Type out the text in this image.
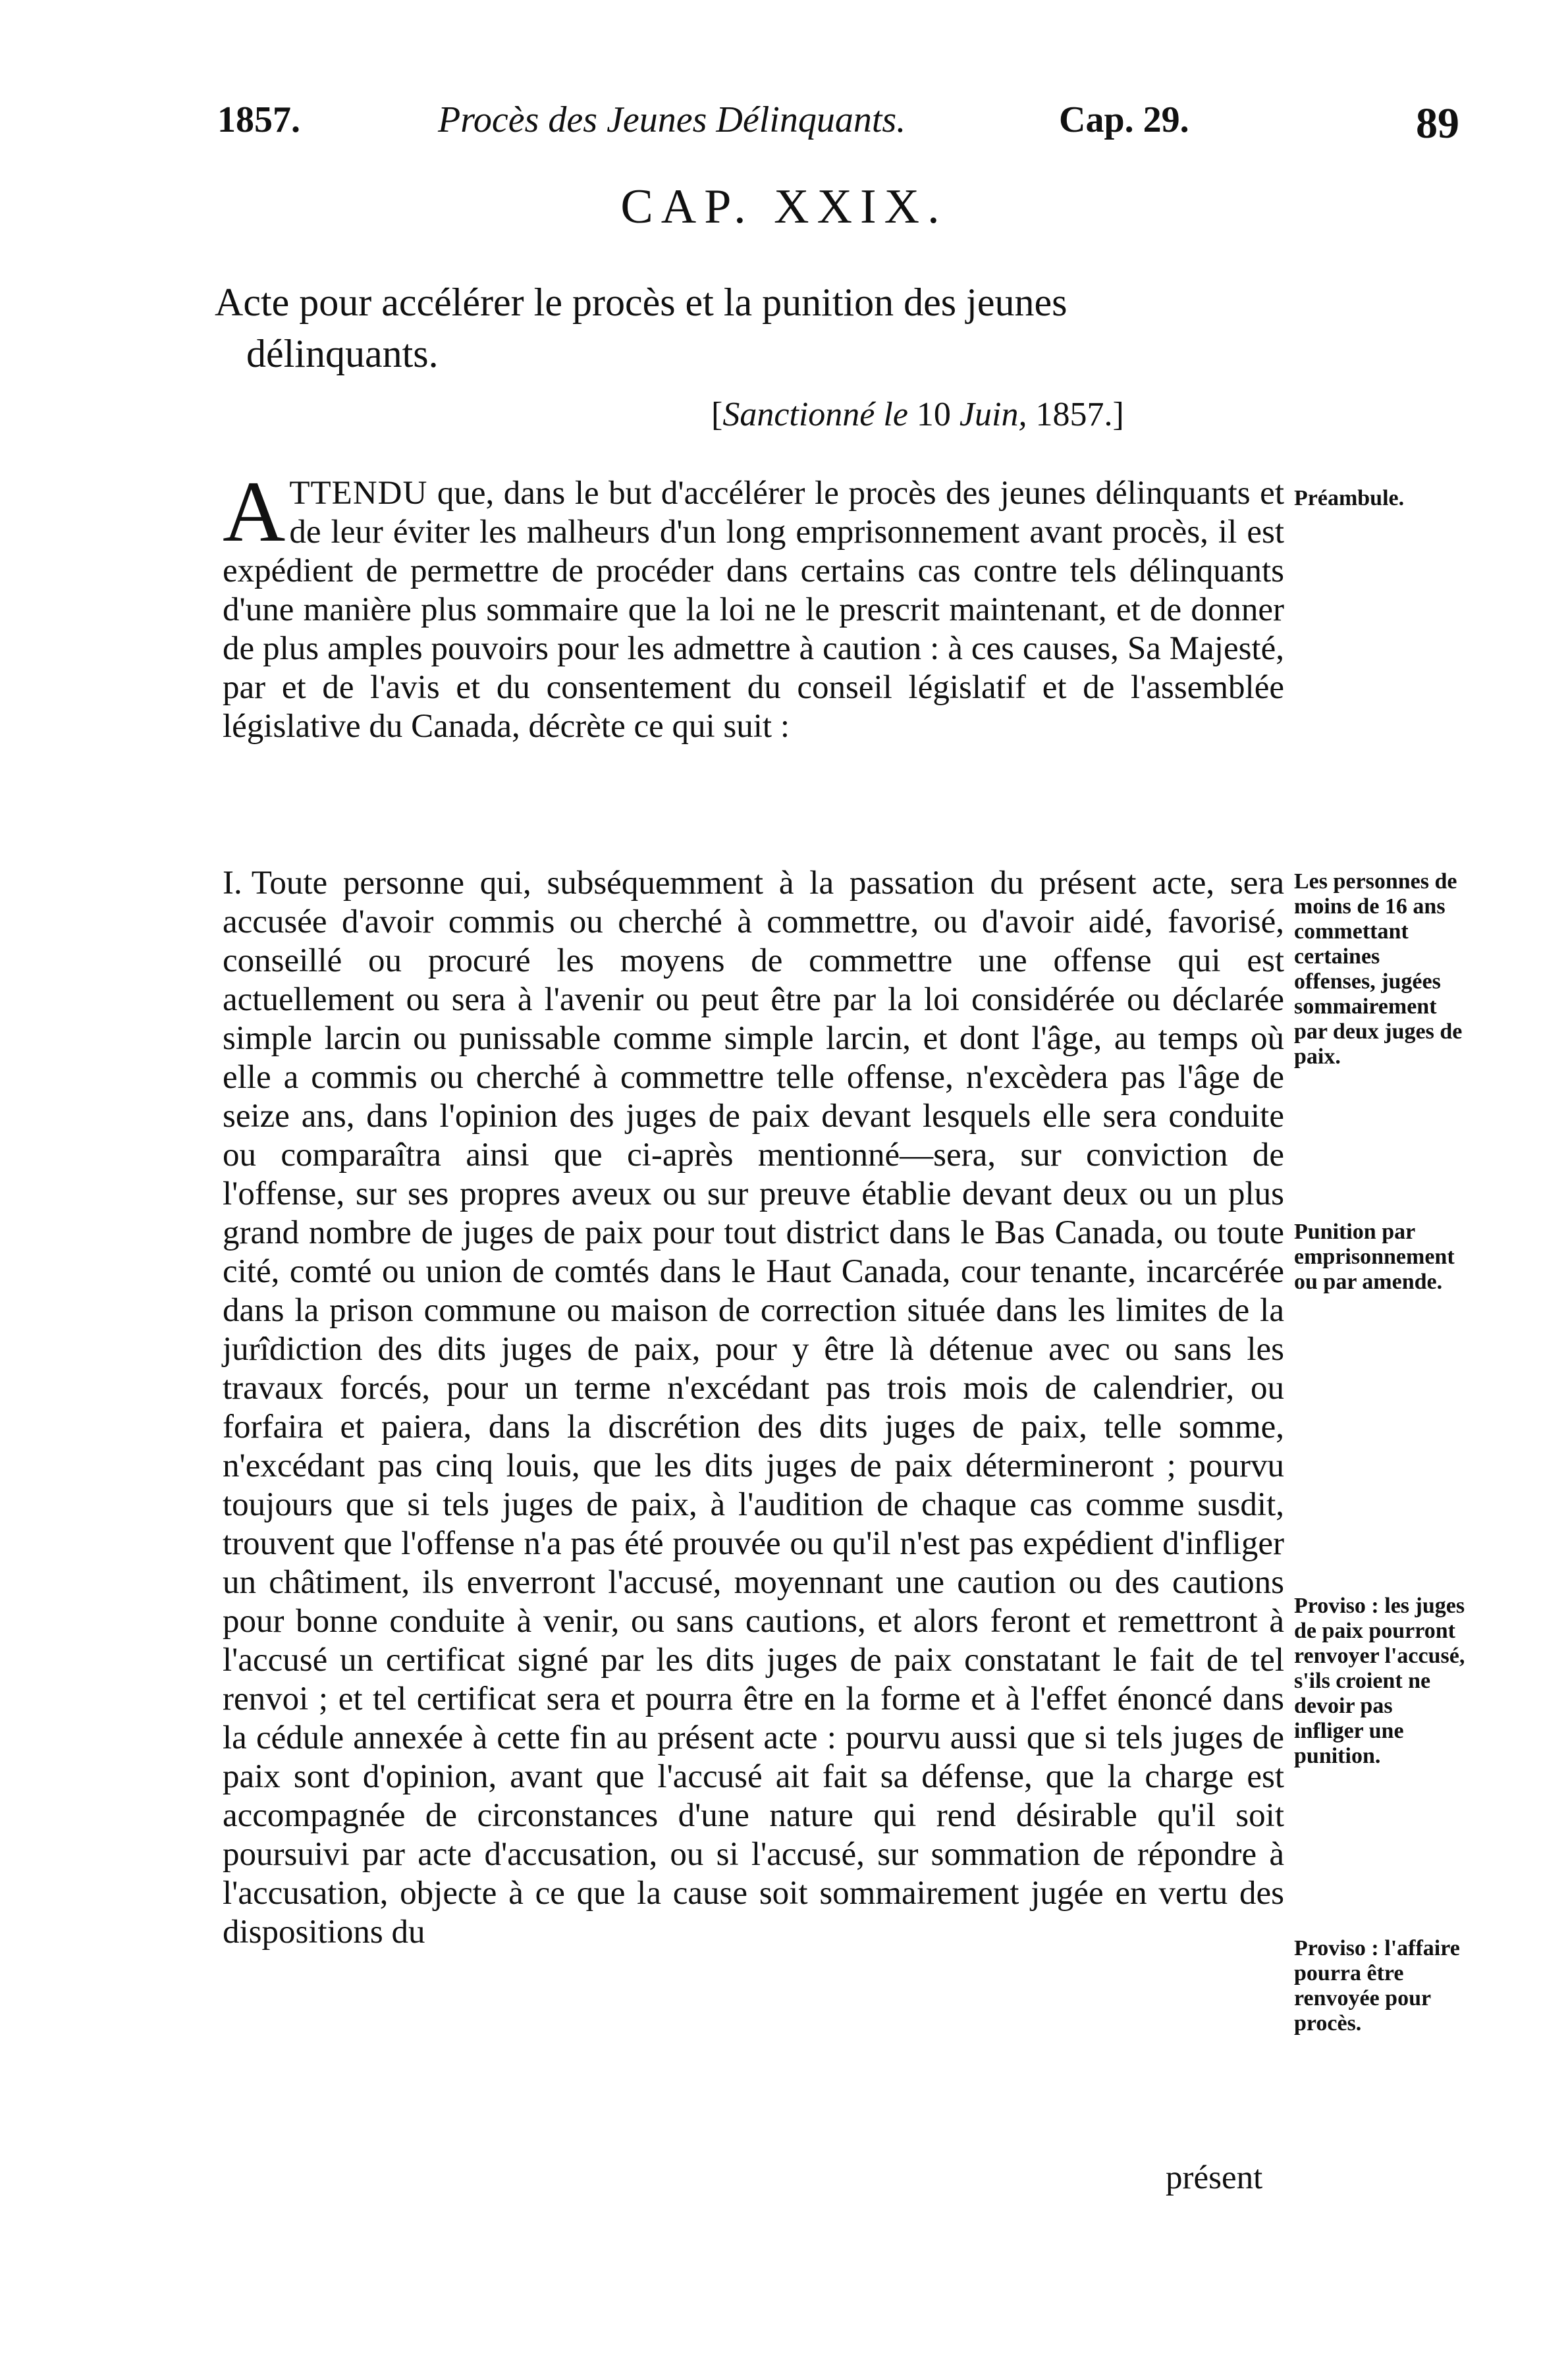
1857.	Procès des Jeunes Délinquants.	Cap. 29.	89
CAP. XXIX.
Acte pour accélérer le procès et la punition des jeunes
délinquants.
[Sanctionné le 10 Juin, 1857.]
ATTENDU que, dans le but d'accélérer le procès des jeunes délinquants et de leur éviter les malheurs d'un long emprisonnement avant procès, il est expédient de permettre de procéder dans certains cas contre tels délinquants d'une manière plus sommaire que la loi ne le prescrit maintenant, et de donner de plus amples pouvoirs pour les admettre à caution : à ces causes, Sa Majesté, par et de l'avis et du consentement du conseil législatif et de l'assemblée législative du Canada, décrète ce qui suit :
I. Toute personne qui, subséquemment à la passation du présent acte, sera accusée d'avoir commis ou cherché à commettre, ou d'avoir aidé, favorisé, conseillé ou procuré les moyens de commettre une offense qui est actuellement ou sera à l'avenir ou peut être par la loi considérée ou déclarée simple larcin ou punissable comme simple larcin, et dont l'âge, au temps où elle a commis ou cherché à commettre telle offense, n'excèdera pas l'âge de seize ans, dans l'opinion des juges de paix devant lesquels elle sera conduite ou comparaîtra ainsi que ci-après mentionné—sera, sur conviction de l'offense, sur ses propres aveux ou sur preuve établie devant deux ou un plus grand nombre de juges de paix pour tout district dans le Bas Canada, ou toute cité, comté ou union de comtés dans le Haut Canada, cour tenante, incarcérée dans la prison commune ou maison de correction située dans les limites de la jurîdiction des dits juges de paix, pour y être là détenue avec ou sans les travaux forcés, pour un terme n'excédant pas trois mois de calendrier, ou forfaira et paiera, dans la discrétion des dits juges de paix, telle somme, n'excédant pas cinq louis, que les dits juges de paix détermineront ; pourvu toujours que si tels juges de paix, à l'audition de chaque cas comme susdit, trouvent que l'offense n'a pas été prouvée ou qu'il n'est pas expédient d'infliger un châtiment, ils enverront l'accusé, moyennant une caution ou des cautions pour bonne conduite à venir, ou sans cautions, et alors feront et remettront à l'accusé un certificat signé par les dits juges de paix constatant le fait de tel renvoi ; et tel certificat sera et pourra être en la forme et à l'effet énoncé dans la cédule annexée à cette fin au présent acte : pourvu aussi que si tels juges de paix sont d'opinion, avant que l'accusé ait fait sa défense, que la charge est accompagnée de circonstances d'une nature qui rend désirable qu'il soit poursuivi par acte d'accusation, ou si l'accusé, sur sommation de répondre à l'accusation, objecte à ce que la cause soit sommairement jugée en vertu des dispositions du
présent
Préambule.
Les personnes de moins de 16 ans commettant certaines offenses, jugées sommairement par deux juges de paix.
Punition par emprisonnement ou par amende.
Proviso : les juges de paix pourront renvoyer l'accusé, s'ils croient ne devoir pas infliger une punition.
Proviso : l'affaire pourra être renvoyée pour procès.
